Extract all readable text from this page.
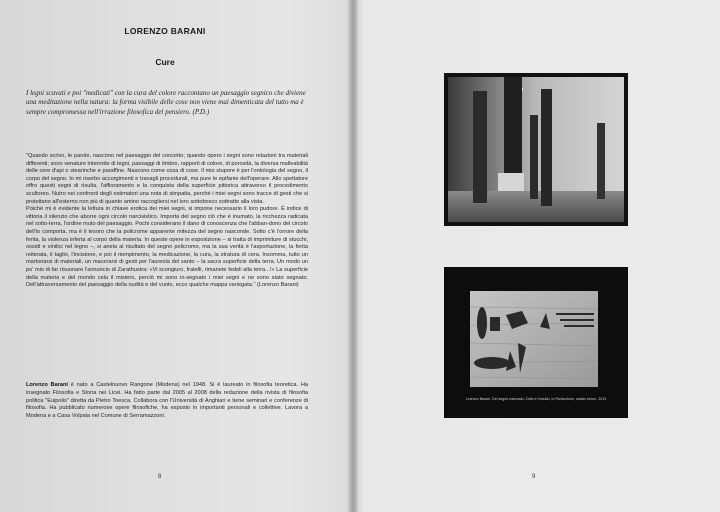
LORENZO BARANI
Cure

I legni scavati e poi "medicati" con la cura del colore raccontano un paesaggio segnico che diviene una meditazione nella natura: la forma visibile delle cose non viene mai dimenticata del tutto ma è sempre compromessa nell'irruzione filosofica del pensiero. (P.D.)

"Quando scrivo, le parole, nascono nel paesaggio del concetto; quando opero i segni sono relazioni tra materiali differenti; sono venature interrotte di legni, passaggi di timbro, rapporti di colore, di porosità, la diversa malleabilità delle cere d'api o stearinche e paraffine. Nascono come cosa di cose. Il mio stupore è per l'ontologia del segno, il corpo del segno. Io mi riserbo accorgimenti e travagli procedurali, ma pure le epifanie dell'operare. Allo spettatore offro questi segni di risulta, l'affioramento e la conquista della superficie pittorica attraverso il procedimento scultoreo. Nutro nei confronti degli estimatori una nota di simpatia, perché i miei segni sono tracce di gesti che si proiettano all'esterno non più di quanto amino raccogliersi nel loro sottobosco sottratto alla vista.

Poiché mi è evidente la lettura in chiave erotica dei miei segni, si impone necessario il loro pudore. È indice di vittoria il silenzio che aborre ogni circolo narcisistico. Importa del segno ciò che è inumato, la ricchezza radicata nel sotto-terra, l'ordine muto del paesaggio. Pochi considerano il dano di conoscenza che l'abban-dono del circolo dell'io comporta, ma è il tesoro che la policrome apparente mitezza del segno nasconde. Sotto c'è l'orrore della ferita, la violenza inferta al corpo della materia. In queste opere in esposizione – si tratta di imprimiture di stucchi, ossidi e vinilici nel legno –, si anela al risultato del segno policromo, ma la sua verità è l'asportazione, la ferita reiterata, il taglio, l'incisione, e poi il riempimento, la medicazione, la cura, la stratura di cera. Insomma, tutto un martoriarsi di materiali, un macerarsi di gesti per l'aureola del santo – la sacra superficie della terra. Un modo un po' mio di far risuonare l'annuncio di Zarathustra: «Vi scongiuro, fratelli, rimanete fedeli alla terra...!» La superficie della materia e del mondo cela il mistero, perciò mi sono in-segnato i miei segni e ne sono stato segnato. Dell'attraversamento del paesaggio della nudità e del vuoto, ecco qualche mappa variegata." (Lorenzo Barani)

Lorenzo Barani è nato a Castelnuovo Rangone (Modena) nel 1948. Si è laureato in filosofia teoretica. Ha insegnato Filosofia e Storia nei Licei. Ha fatto parte dal 2005 al 2008 della redazione della rivista di filosofia politica "Euipolis" diretta da Pietro Toesca. Collabora con l'Università di Anghiari e tiene seminari e conferenze di filosofia. Ha pubblicato numerose opere filosofiche, ha esposto in importanti personali e collettive. Lavora a Modena e a Casa Volpaia nel Comune di Serramazzoni.

8
Lorenzo Barani, Del segno nascosto: Zolfo e l'ossido, in Rivoluzione, ossido tenue, 2013
9
